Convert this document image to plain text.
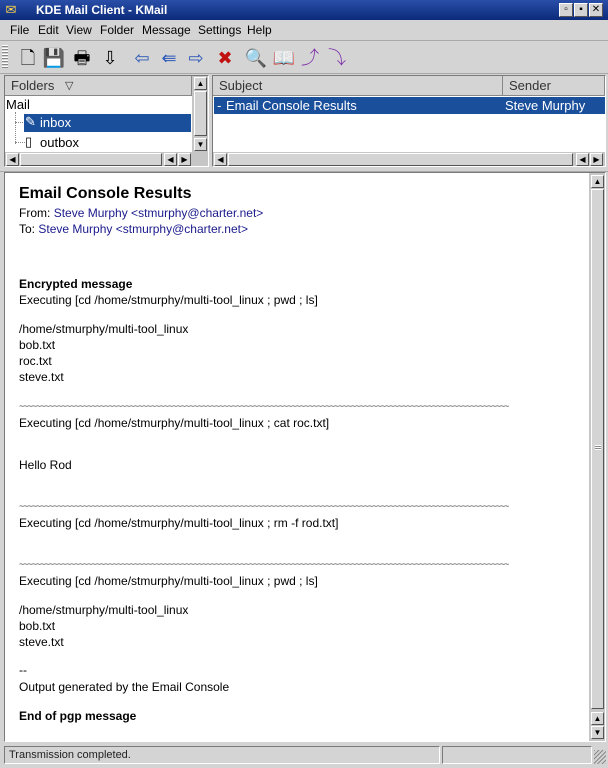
✉ KDE Mail Client - KMail	▫	▪ ✕
File Edit View Folder Message Settings Help
🗋 💾 🖶 ⇩ ⇦ ⇚ ⇨ ✖ 🔍 📖 ⤴ ⤵
Folders ▽
Mail
✎ inbox
▯ outbox
▲
▼
◀	◀ ▶
Subject	Sender
- Email Console Results	Steve Murphy
◀	◀ ▶
Email Console Results
From: Steve Murphy <stmurphy@charter.net>
To: Steve Murphy <stmurphy@charter.net>
Encrypted message
Executing [cd /home/stmurphy/multi-tool_linux ; pwd ; ls]
/home/stmurphy/multi-tool_linux
bob.txt
roc.txt
steve.txt
~~~~~~~~~~~~~~~~~~~~~~~~~~~~~~~~~~~~~~~~~~~~~~~~~~~~~~~~~~~~~~~~~~~~~~~~~~~~~~~~~~~~~~~~~~~~~~~~~~~~~~~~~~~~~~~~~~~
Executing [cd /home/stmurphy/multi-tool_linux ; cat roc.txt]
Hello Rod
~~~~~~~~~~~~~~~~~~~~~~~~~~~~~~~~~~~~~~~~~~~~~~~~~~~~~~~~~~~~~~~~~~~~~~~~~~~~~~~~~~~~~~~~~~~~~~~~~~~~~~~~~~~~~~~~~~~
Executing [cd /home/stmurphy/multi-tool_linux ; rm -f rod.txt]
~~~~~~~~~~~~~~~~~~~~~~~~~~~~~~~~~~~~~~~~~~~~~~~~~~~~~~~~~~~~~~~~~~~~~~~~~~~~~~~~~~~~~~~~~~~~~~~~~~~~~~~~~~~~~~~~~~~
Executing [cd /home/stmurphy/multi-tool_linux ; pwd ; ls]
/home/stmurphy/multi-tool_linux
bob.txt
steve.txt
--
Output generated by the Email Console
End of pgp message
▲
▲
▼
Transmission completed.
